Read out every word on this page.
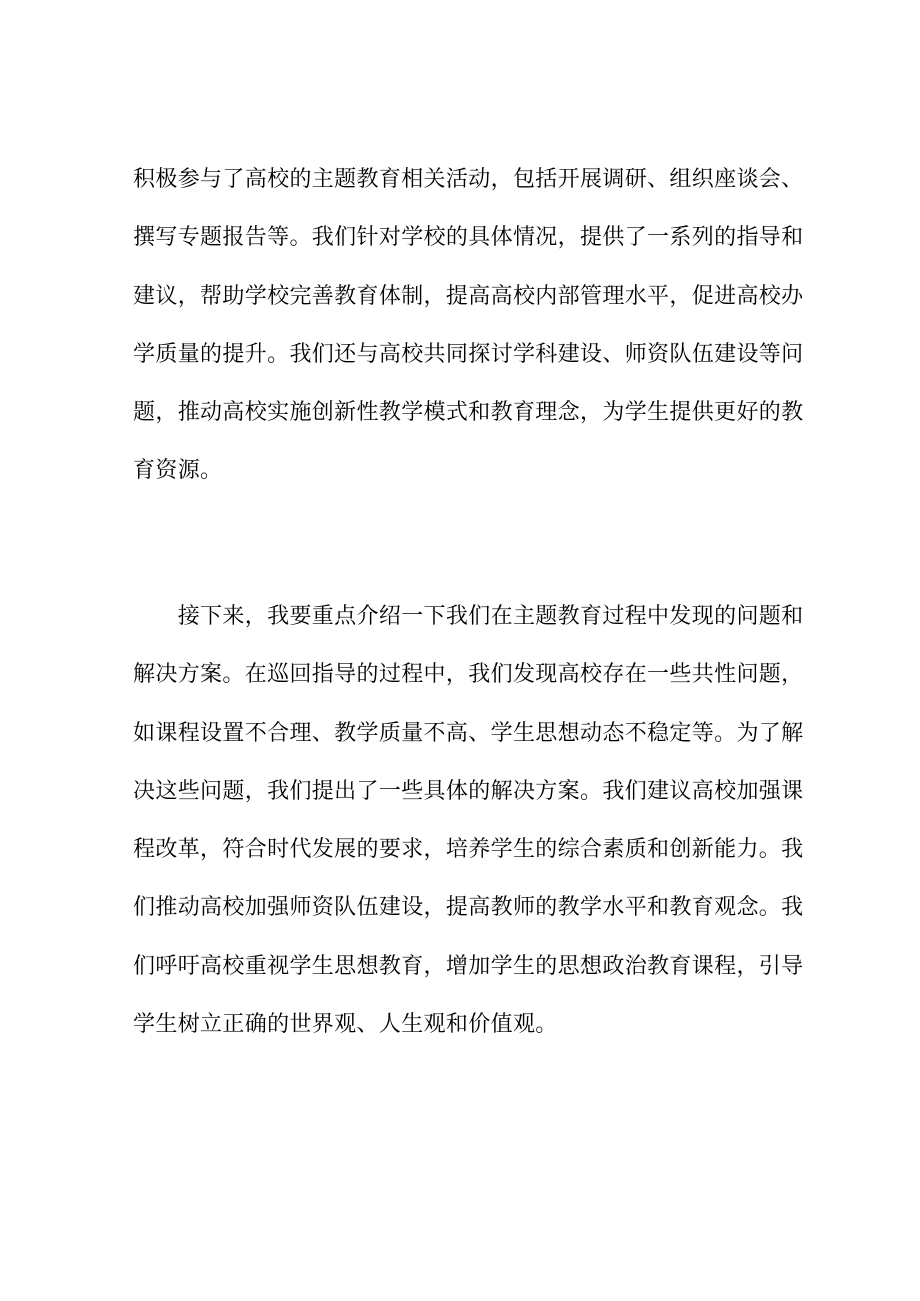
积极参与了高校的主题教育相关活动，包括开展调研、组织座谈会、
撰写专题报告等。我们针对学校的具体情况，提供了一系列的指导和
建议，帮助学校完善教育体制，提高高校内部管理水平，促进高校办
学质量的提升。我们还与高校共同探讨学科建设、师资队伍建设等问
题，推动高校实施创新性教学模式和教育理念，为学生提供更好的教
育资源。
　　接下来，我要重点介绍一下我们在主题教育过程中发现的问题和
解决方案。在巡回指导的过程中，我们发现高校存在一些共性问题，
如课程设置不合理、教学质量不高、学生思想动态不稳定等。为了解
决这些问题，我们提出了一些具体的解决方案。我们建议高校加强课
程改革，符合时代发展的要求，培养学生的综合素质和创新能力。我
们推动高校加强师资队伍建设，提高教师的教学水平和教育观念。我
们呼吁高校重视学生思想教育，增加学生的思想政治教育课程，引导
学生树立正确的世界观、人生观和价值观。
